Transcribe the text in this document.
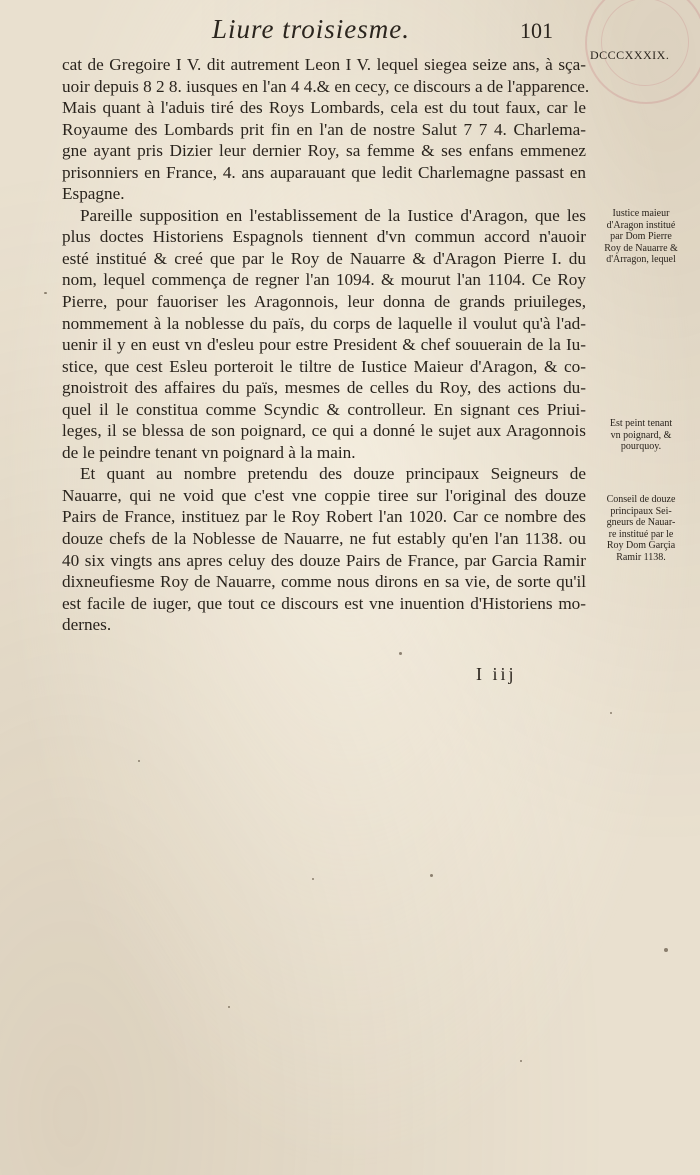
Liure troisiesme.	101
DCCCXXXIX.
cat de Gregoire I V. dit autrement Leon I V. lequel siegea seize ans, à sça-
uoir depuis 8 2 8. iusques en l'an 4 4.& en cecy, ce discours a de l'apparence.
Mais quant à l'aduis tiré des Roys Lombards, cela est du tout faux, car le
Royaume des Lombards prit fin en l'an de nostre Salut 7 7 4. Charlema-
gne ayant pris Dizier leur dernier Roy, sa femme & ses enfans emmenez
prisonniers en France, 4. ans auparauant que ledit Charlemagne passast en
Espagne.
Pareille supposition en l'establissement de la Iustice d'Aragon, que les
plus doctes Historiens Espagnols tiennent d'vn commun accord n'auoir
esté institué & creé que par le Roy de Nauarre & d'Aragon Pierre I. du
nom, lequel commença de regner l'an 1094. & mourut l'an 1104. Ce Roy
Pierre, pour fauoriser les Aragonnois, leur donna de grands priuileges,
nommement à la noblesse du païs, du corps de laquelle il voulut qu'à l'ad-
uenir il y en eust vn d'esleu pour estre President & chef souuerain de la Iu-
stice, que cest Esleu porteroit le tiltre de Iustice Maieur d'Aragon, & co-
gnoistroit des affaires du païs, mesmes de celles du Roy, des actions du-
quel il le constitua comme Scyndic & controlleur. En signant ces Priui-
leges, il se blessa de son poignard, ce qui a donné le sujet aux Aragonnois
de le peindre tenant vn poignard à la main.
Et quant au nombre pretendu des douze principaux Seigneurs de
Nauarre, qui ne void que c'est vne coppie tiree sur l'original des douze
Pairs de France, instituez par le Roy Robert l'an 1020. Car ce nombre des
douze chefs de la Noblesse de Nauarre, ne fut estably qu'en l'an 1138. ou
40 six vingts ans apres celuy des douze Pairs de France, par Garcia Ramir
dixneufiesme Roy de Nauarre, comme nous dirons en sa vie, de sorte qu'il
est facile de iuger, que tout ce discours est vne inuention d'Historiens mo-
dernes.
Iustice maieur
d'Aragon institué
par Dom Pierre
Roy de Nauarre &
d'Arragon, lequel
Est peint tenant
vn poignard, &
pourquoy.
Conseil de douze
principaux Sei-
gneurs de Nauar-
re institué par le
Roy Dom Garçia
Ramir 1138.
I iij
